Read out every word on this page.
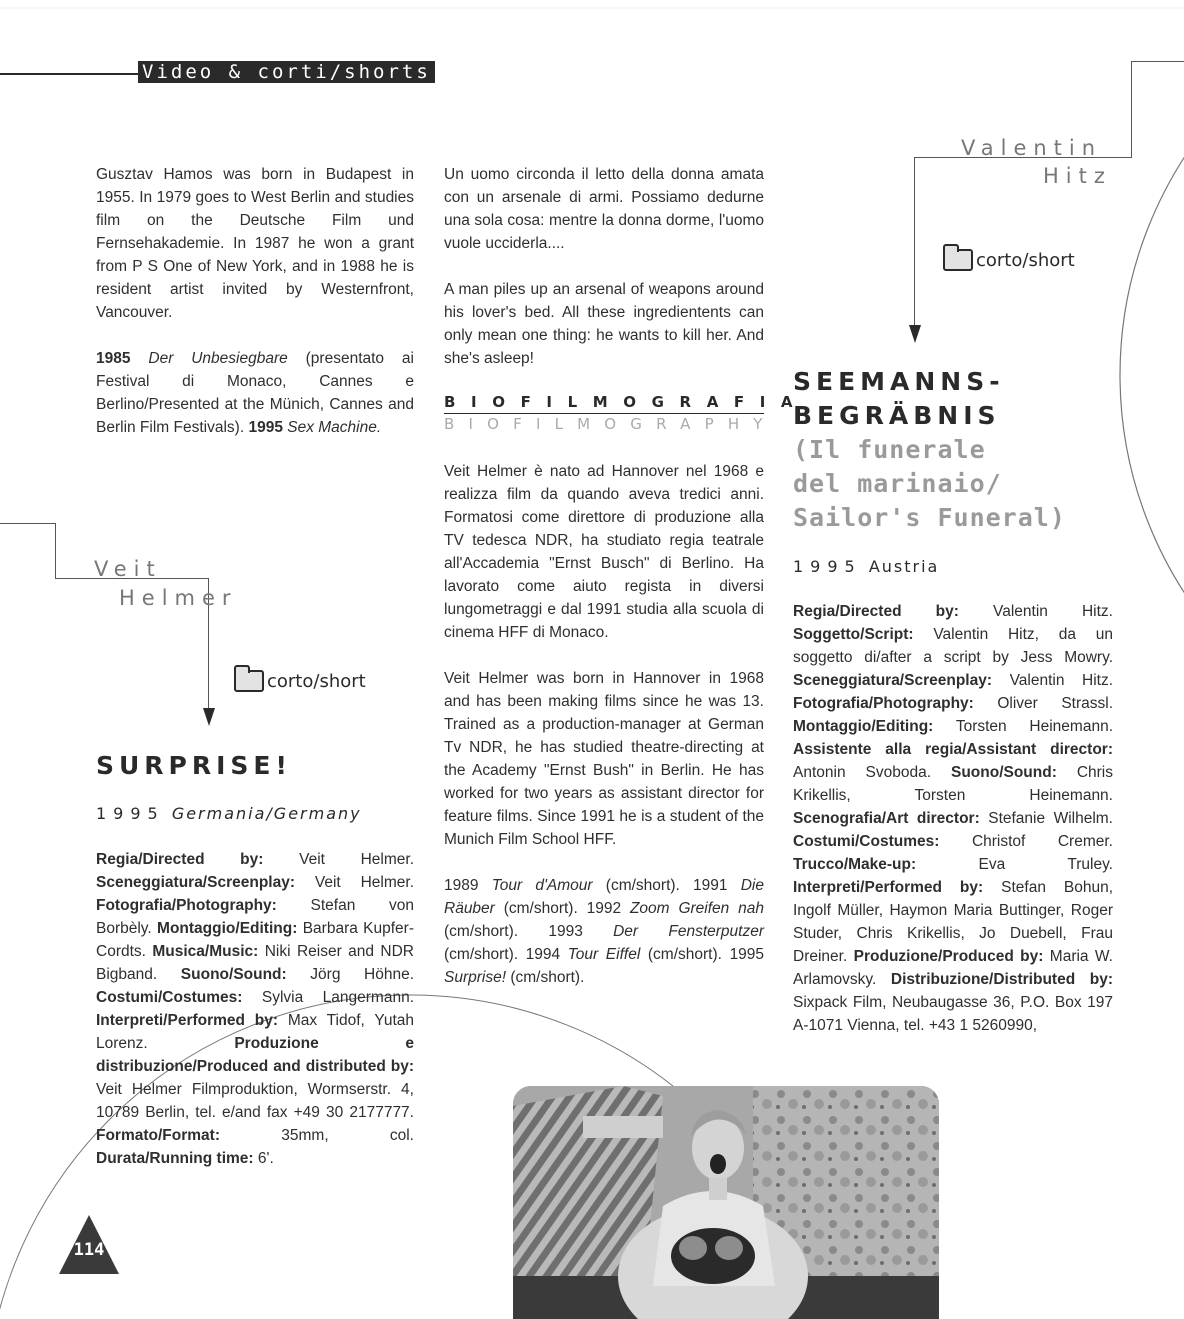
Video & corti/shorts

Gusztav Hamos was born in Budapest in 1955. In 1979 goes to West Berlin and studies film on the Deutsche Film und Fernsehakademie. In 1987 he won a grant from P S One of New York, and in 1988 he is resident artist invited by Westernfront, Vancouver.

1985 Der Unbesiegbare (presentato ai Festival di Monaco, Cannes e Berlino/Presented at the Münich, Cannes and Berlin Film Festivals). 1995 Sex Machine.

Veit
Helmer
corto/short
SURPRISE!
1995 Germania/Germany

Regia/Directed by: Veit Helmer. Sceneggiatura/Screenplay: Veit Helmer. Fotografia/Photography: Stefan von Borbèly. Montaggio/Editing: Barbara Kupfer-Cordts. Musica/Music: Niki Reiser and NDR Bigband. Suono/Sound: Jörg Höhne. Costumi/Costumes: Sylvia Langermann. Interpreti/Performed by: Max Tidof, Yutah Lorenz.	Produzione e distribuzione/Produced and distributed by: Veit Helmer Filmproduktion, Wormserstr. 4, 10789 Berlin, tel. e/and fax +49 30 2177777. Formato/Format:	35mm, col. Durata/Running time: 6'.

Un uomo circonda il letto della donna amata con un arsenale di armi. Possiamo dedurne una sola cosa: mentre la donna dorme, l'uomo vuole ucciderla....

A man piles up an arsenal of weapons around his lover's bed. All these ingredientents can only mean one thing: he wants to kill her. And she's asleep!

BIOFILMOGRAFIA
BIOFILMOGRAPHY

Veit Helmer è nato ad Hannover nel 1968 e realizza film da quando aveva tredici anni. Formatosi come direttore di produzione alla TV tedesca NDR, ha studiato regia teatrale all'Accademia "Ernst Busch" di Berlino. Ha lavorato come aiuto regista in diversi lungometraggi e dal 1991 studia alla scuola di cinema HFF di Monaco.

Veit Helmer was born in Hannover in 1968 and has been making films since he was 13. Trained as a production-manager at German Tv NDR, he has studied theatre-directing at the Academy "Ernst Bush" in Berlin. He has worked for two years as assistant director for feature films. Since 1991 he is a student of the Munich Film School HFF.

1989 Tour d'Amour (cm/short). 1991 Die Räuber (cm/short). 1992 Zoom Greifen nah (cm/short). 1993 Der Fensterputzer (cm/short). 1994 Tour Eiffel (cm/short). 1995 Surprise! (cm/short).

Valentin
Hitz
corto/short
SEEMANNS-
BEGRÄBNIS
(Il funerale
del marinaio/
Sailor's Funeral)
1995 Austria

Regia/Directed by: Valentin Hitz. Soggetto/Script: Valentin Hitz, da un soggetto di/after a script by Jess Mowry. Sceneggiatura/Screenplay: Valentin Hitz. Fotografia/Photography: Oliver Strassl. Montaggio/Editing: Torsten Heinemann. Assistente alla regia/Assistant director: Antonin Svoboda. Suono/Sound: Chris Krikellis, Torsten Heinemann. Scenografia/Art director: Stefanie Wilhelm. Costumi/Costumes: Christof Cremer. Trucco/Make-up:	Eva Truley. Interpreti/Performed by: Stefan Bohun, Ingolf Müller, Haymon Maria Buttinger, Roger Studer, Chris Krikellis, Jo Duebell, Frau Dreiner. Produzione/Produced by: Maria W. Arlamovsky. Distribuzione/Distributed by: Sixpack Film, Neubaugasse 36, P.O. Box 197 A-1071 Vienna, tel. +43 1 5260990,

114
